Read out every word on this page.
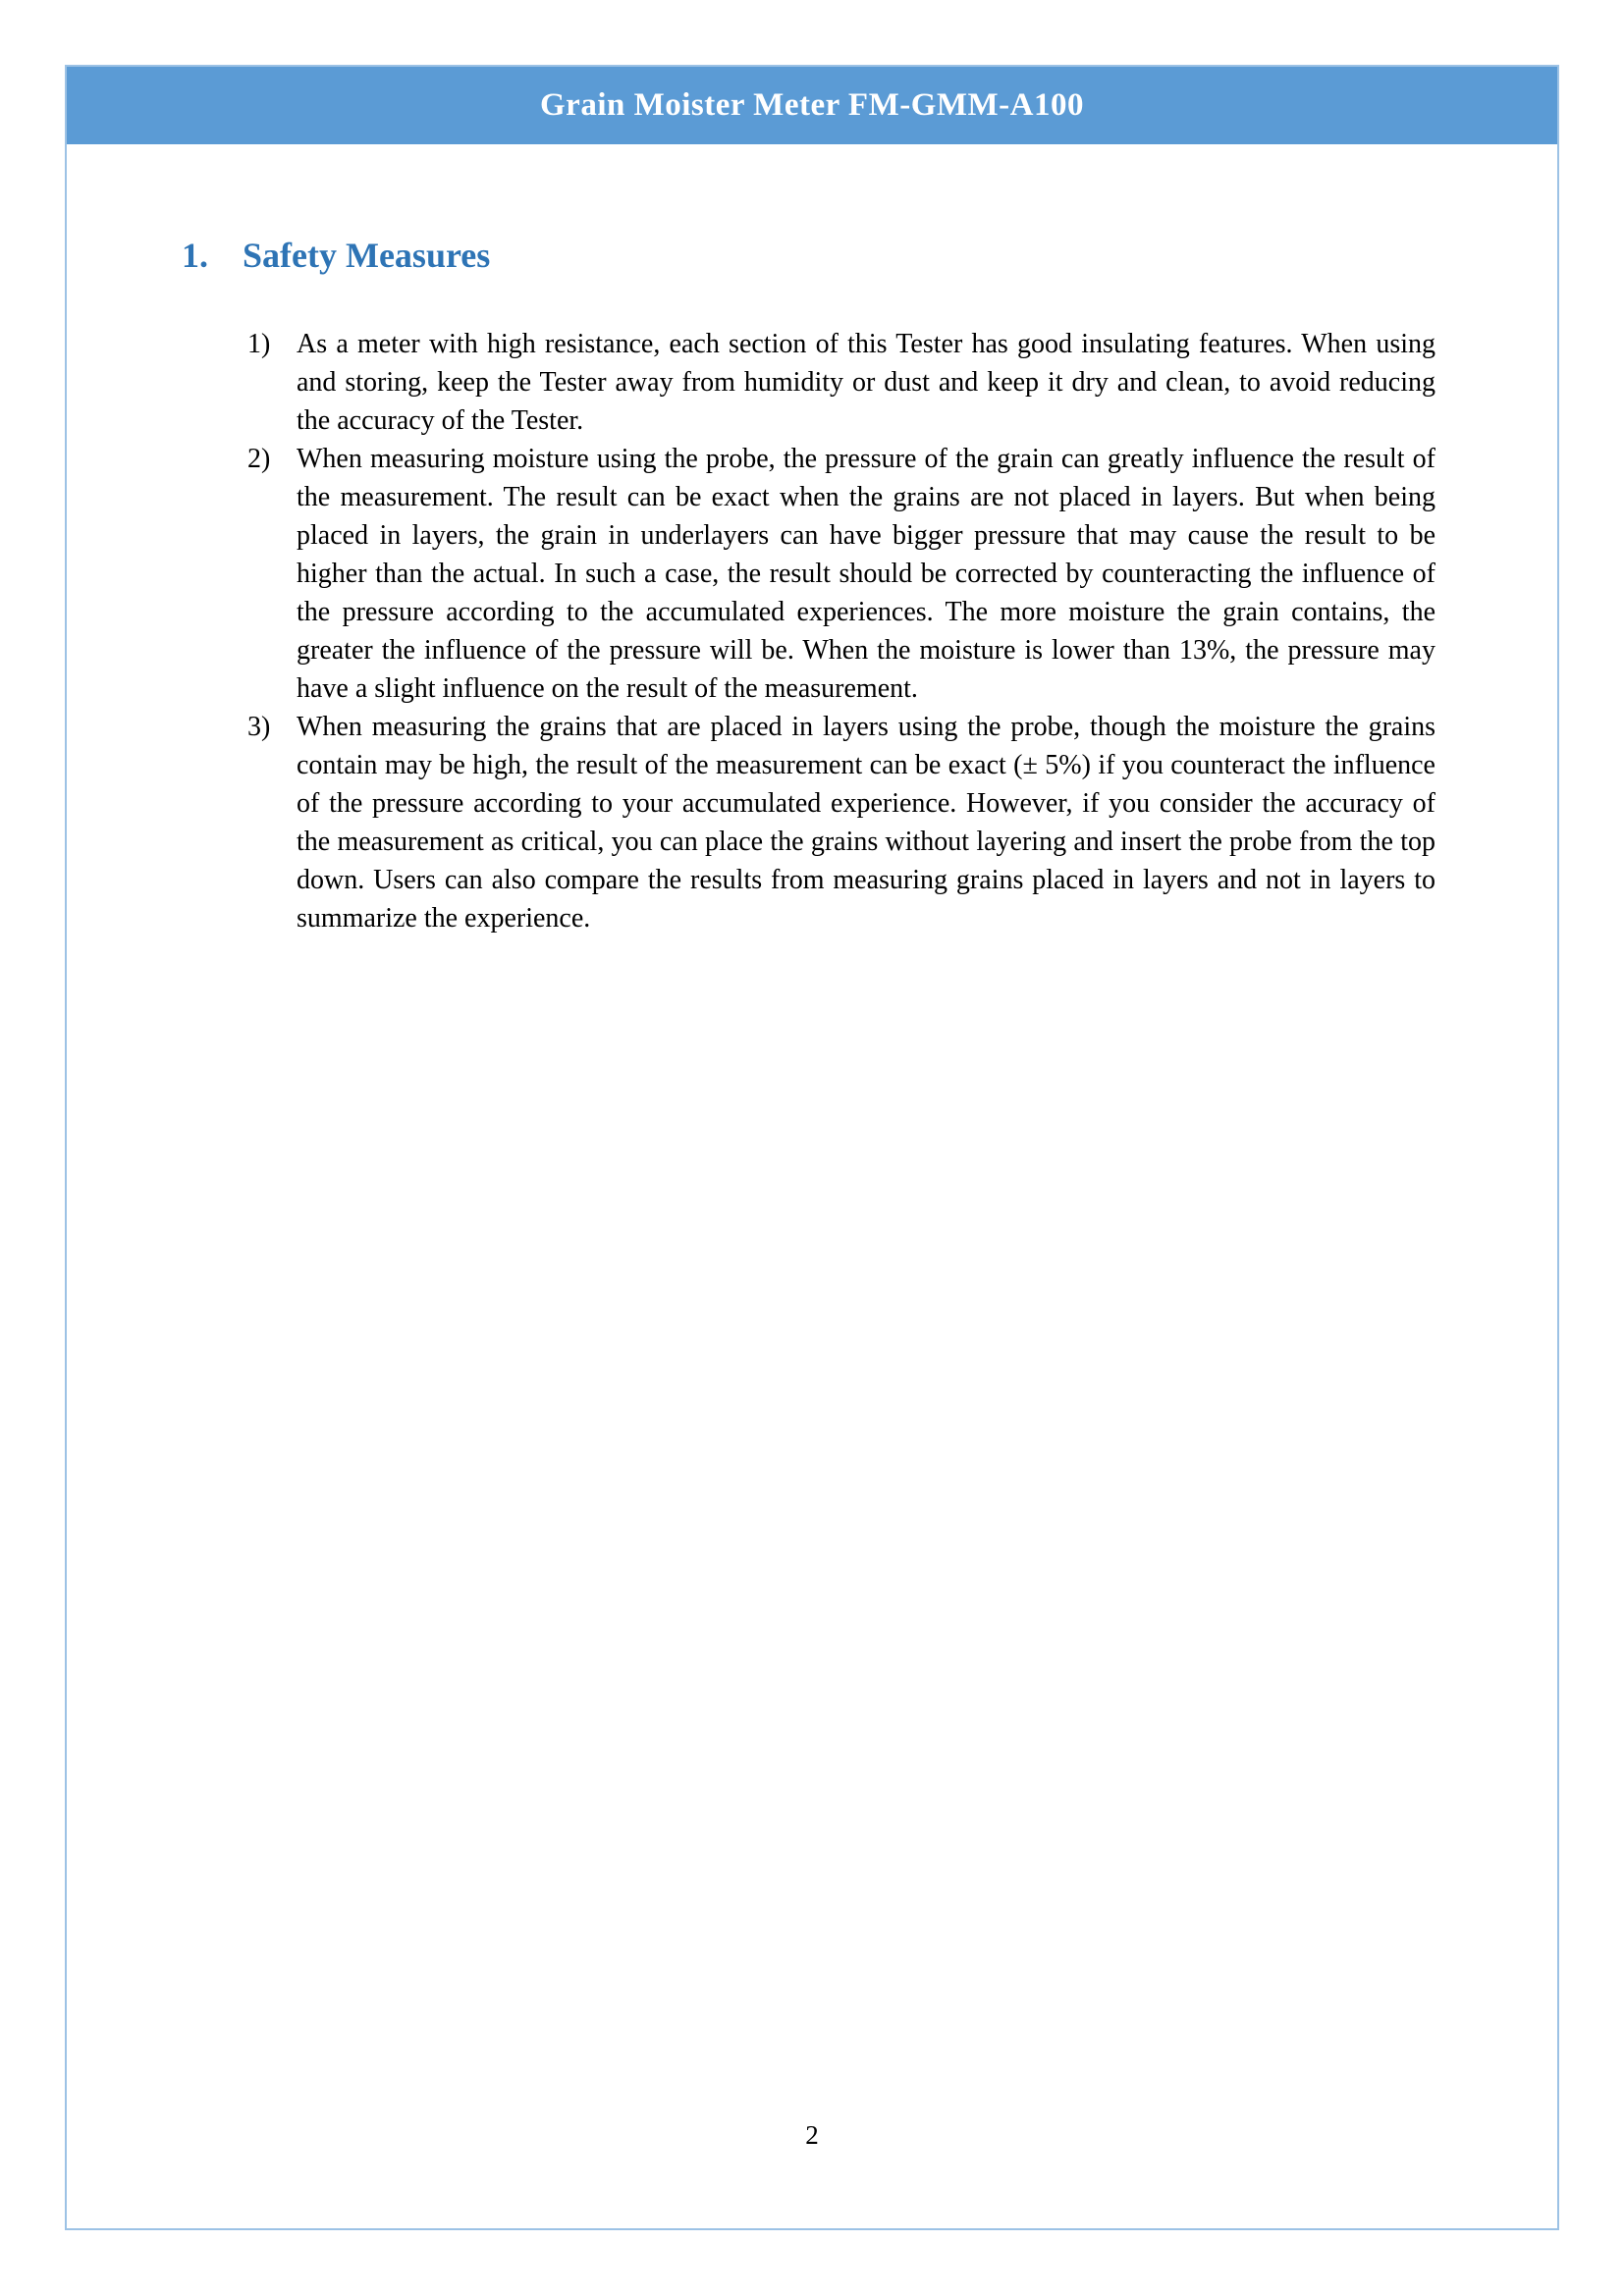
Grain Moister Meter FM-GMM-A100
1. Safety Measures
1) As a meter with high resistance, each section of this Tester has good insulating features. When using and storing, keep the Tester away from humidity or dust and keep it dry and clean, to avoid reducing the accuracy of the Tester.
2) When measuring moisture using the probe, the pressure of the grain can greatly influence the result of the measurement. The result can be exact when the grains are not placed in layers. But when being placed in layers, the grain in underlayers can have bigger pressure that may cause the result to be higher than the actual. In such a case, the result should be corrected by counteracting the influence of the pressure according to the accumulated experiences. The more moisture the grain contains, the greater the influence of the pressure will be. When the moisture is lower than 13%, the pressure may have a slight influence on the result of the measurement.
3) When measuring the grains that are placed in layers using the probe, though the moisture the grains contain may be high, the result of the measurement can be exact (± 5%) if you counteract the influence of the pressure according to your accumulated experience. However, if you consider the accuracy of the measurement as critical, you can place the grains without layering and insert the probe from the top down. Users can also compare the results from measuring grains placed in layers and not in layers to summarize the experience.
2
